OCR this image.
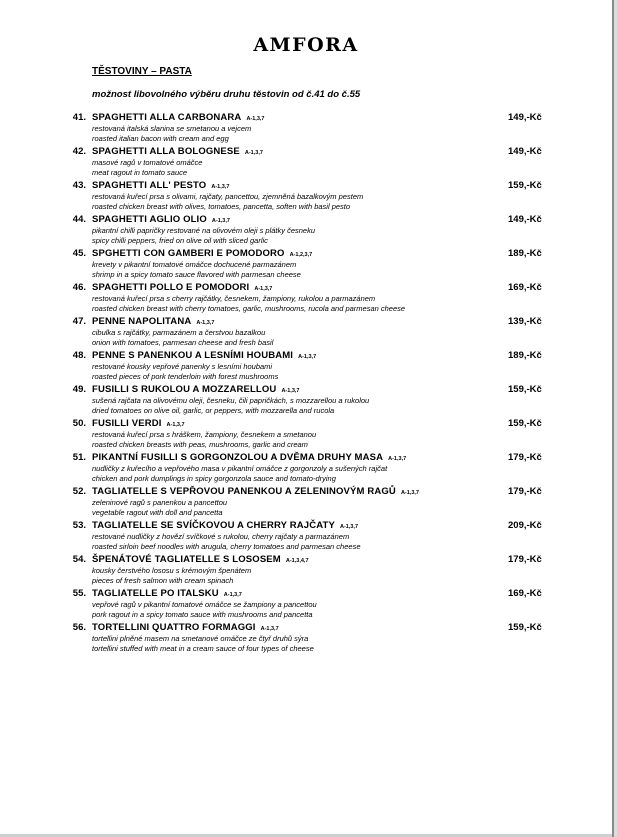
AMFORA
TĚSTOVINY – PASTA
možnost libovolného výběru druhu těstovin od č.41 do č.55
41. SPAGHETTI ALLA CARBONARA A-1,3,7
restovaná italská slanina se smetanou a vejcem
roasted italian bacon with cream and egg
149,-Kč
42. SPAGHETTI ALLA BOLOGNESE A-1,3,7
masové ragů v tomatové omáčce
meat ragout in tomato sauce
149,-Kč
43. SPAGHETTI ALL' PESTO A-1,3,7
restovaná kuřecí prsa s olivami, rajčaty, pancettou, zjemněná bazalkovým pestem
roasted chicken breast with olives, tomatoes, pancetta, soften with basil pesto
159,-Kč
44. SPAGHETTI AGLIO OLIO A-1,3,7
pikantní chilli papričky restované na olivovém oleji s plátky česneku
spicy chilli peppers, fried on olive oil with sliced garlic
149,-Kč
45. SPGHETTI CON GAMBERI E POMODORO A-1,2,3,7
krevety v pikantní tomatové omáčce dochucené parmazánem
shrimp in a spicy tomato sauce flavored with parmesan cheese
189,-Kč
46. SPAGHETTI POLLO E POMODORI A-1,3,7
restovaná kuřecí prsa s cherry rajčátky, česnekem, žampiony, rukolou a parmazánem
roasted chicken breast with cherry tomatoes, garlic, mushrooms, rucola and parmesan cheese
169,-Kč
47. PENNE NAPOLITANA A-1,3,7
cibulka s rajčátky, parmazánem a čerstvou bazalkou
onion with tomatoes, parmesan cheese and fresh basil
139,-Kč
48. PENNE S PANENKOU A LESNÍMI HOUBAMI A-1,3,7
restované kousky vepřové panenky s lesními houbami
roasted pieces of pork tenderloin with forest mushrooms
189,-Kč
49. FUSILLI S RUKOLOU A MOZZARELLOU A-1,3,7
sušená rajčata na olivovému oleji, česneku, čili papričkách, s mozzarellou a rukolou
dried tomatoes on olive oil, garlic, or peppers, with mozzarella and rucola
159,-Kč
50. FUSILLI VERDI A-1,3,7
restovaná kuřecí prsa s hráškem, žampiony, česnekem a smetanou
roasted chicken breasts with peas, mushrooms, garlic and cream
159,-Kč
51. PIKANTNÍ FUSILLI S GORGONZOLOU A DVĚMA DRUHY MASA A-1,3,7
nudličky z kuřecího a vepřového masa v pikantní omáčce z gorgonzoly a sušených rajčat
chicken and pork dumplings in spicy gorgonzola sauce and tomato-drying
179,-Kč
52. TAGLIATELLE S VEPŘOVOU PANENKOU A ZELENINOVÝM RAGŮ A-1,3,7
zeleninové ragů s panenkou a pancettou
vegetable ragout with doll and pancetta
179,-Kč
53. TAGLIATELLE SE SVÍČKOVOU A CHERRY RAJČATY A-1,3,7
restované nudličky z hovězí svíčkové s rukolou, cherry rajčaty a parmazánem
roasted sirloin beef noodles with arugula, cherry tomatoes and parmesan cheese
209,-Kč
54. ŠPENÁTOVÉ TAGLIATELLE S LOSOSEM A-1,3,4,7
kousky čerstvého lososu s krémovým špenátem
pieces of fresh salmon with cream spinach
179,-Kč
55. TAGLIATELLE PO ITALSKU A-1,3,7
vepřové ragů v pikantní tomatové omáčce se žampiony a pancettou
pork ragout in a spicy tomato sauce with mushrooms and pancetta
169,-Kč
56. TORTELLINI QUATTRO FORMAGGI A-1,3,7
tortellini plněné masem na smetanové omáčce ze čtyř druhů sýra
tortellini stuffed with meat in a cream sauce of four types of cheese
159,-Kč
